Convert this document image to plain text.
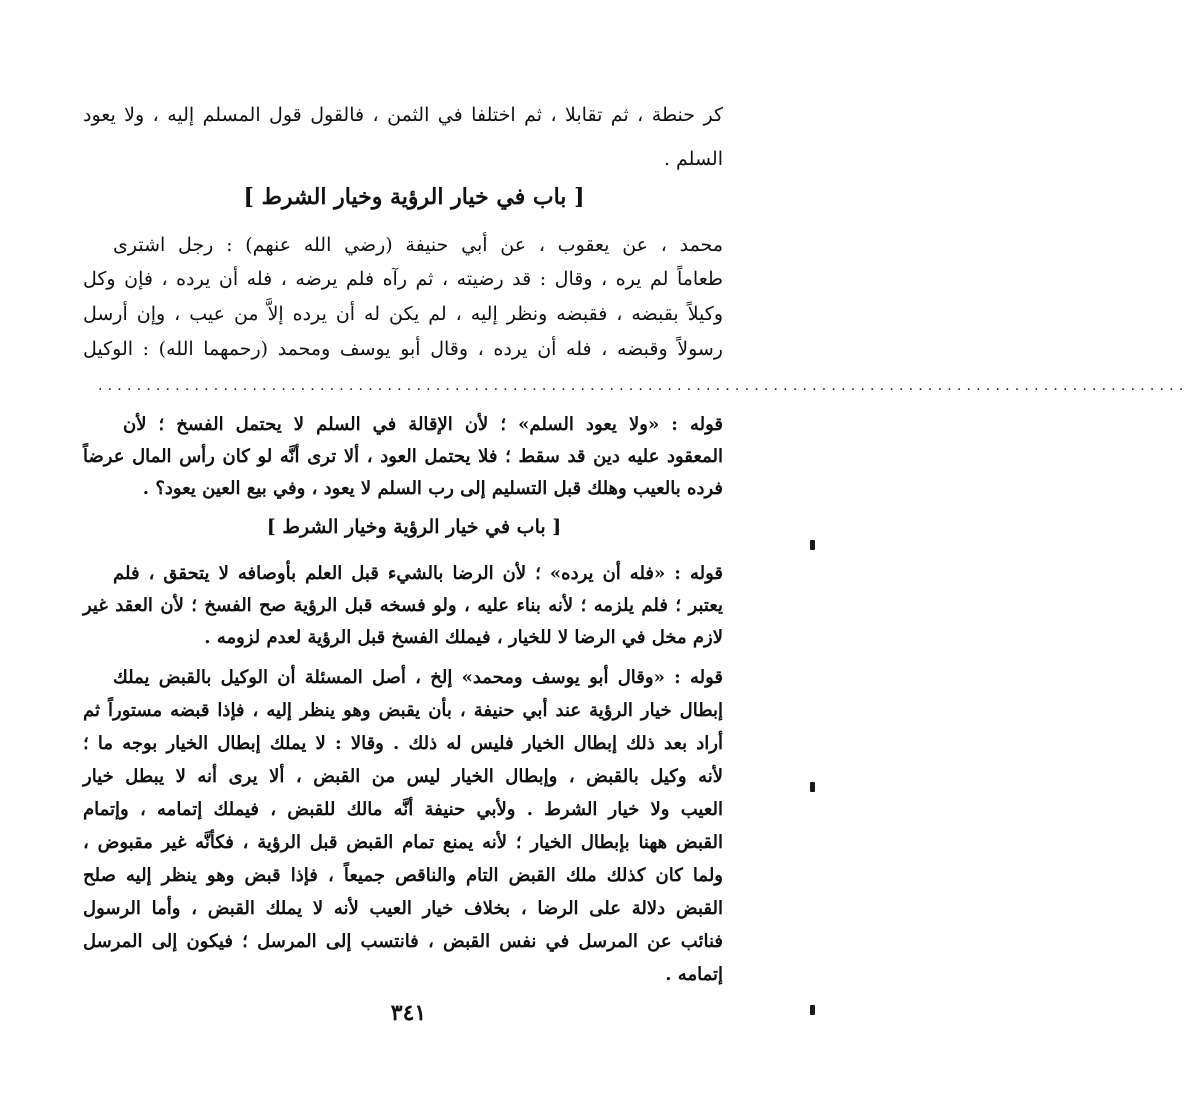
كر حنطة ، ثم تقابلا ، ثم اختلفا في الثمن ، فالقول قول المسلم إليه ، ولا يعود
السلم .
[ باب في خيار الرؤية وخيار الشرط ]
محمد ، عن يعقوب ، عن أبي حنيفة (رضي الله عنهم) : رجل اشترى
طعاماً لم يره ، وقال : قد رضيته ، ثم رآه فلم يرضه ، فله أن يرده ، فإن وكل
وكيلاً بقبضه ، فقبضه ونظر إليه ، لم يكن له أن يرده إلاَّ من عيب ، وإن أرسل
رسولاً وقبضه ، فله أن يرده ، وقال أبو يوسف ومحمد (رحمهما الله) : الوكيل
.................................................................................................................
قوله : «ولا يعود السلم» ؛ لأن الإقالة في السلم لا يحتمل الفسخ ؛ لأن
المعقود عليه دين قد سقط ؛ فلا يحتمل العود ، ألا ترى أنَّه لو كان رأس المال عرضاً
فرده بالعيب وهلك قبل التسليم إلى رب السلم لا يعود ، وفي بيع العين يعود؟ .
[ باب في خيار الرؤية وخيار الشرط ]
قوله : «فله أن يرده» ؛ لأن الرضا بالشيء قبل العلم بأوصافه لا يتحقق ، فلم
يعتبر ؛ فلم يلزمه ؛ لأنه بناء عليه ، ولو فسخه قبل الرؤية صح الفسخ ؛ لأن العقد غير
لازم مخل في الرضا لا للخيار ، فيملك الفسخ قبل الرؤية لعدم لزومه .
قوله : «وقال أبو يوسف ومحمد» إلخ ، أصل المسئلة أن الوكيل بالقبض يملك
إبطال خيار الرؤية عند أبي حنيفة ، بأن يقبض وهو ينظر إليه ، فإذا قبضه مستوراً ثم
أراد بعد ذلك إبطال الخيار فليس له ذلك . وقالا : لا يملك إبطال الخيار بوجه ما ؛
لأنه وكيل بالقبض ، وإبطال الخيار ليس من القبض ، ألا يرى أنه لا يبطل خيار
العيب ولا خيار الشرط . ولأبي حنيفة أنَّه مالك للقبض ، فيملك إتمامه ، وإتمام
القبض ههنا بإبطال الخيار ؛ لأنه يمنع تمام القبض قبل الرؤية ، فكأنَّه غير مقبوض ،
ولما كان كذلك ملك القبض التام والناقص جميعاً ، فإذا قبض وهو ينظر إليه صلح
القبض دلالة على الرضا ، بخلاف خيار العيب لأنه لا يملك القبض ، وأما الرسول
فنائب عن المرسل في نفس القبض ، فانتسب إلى المرسل ؛ فيكون إلى المرسل
إتمامه .
٣٤١
